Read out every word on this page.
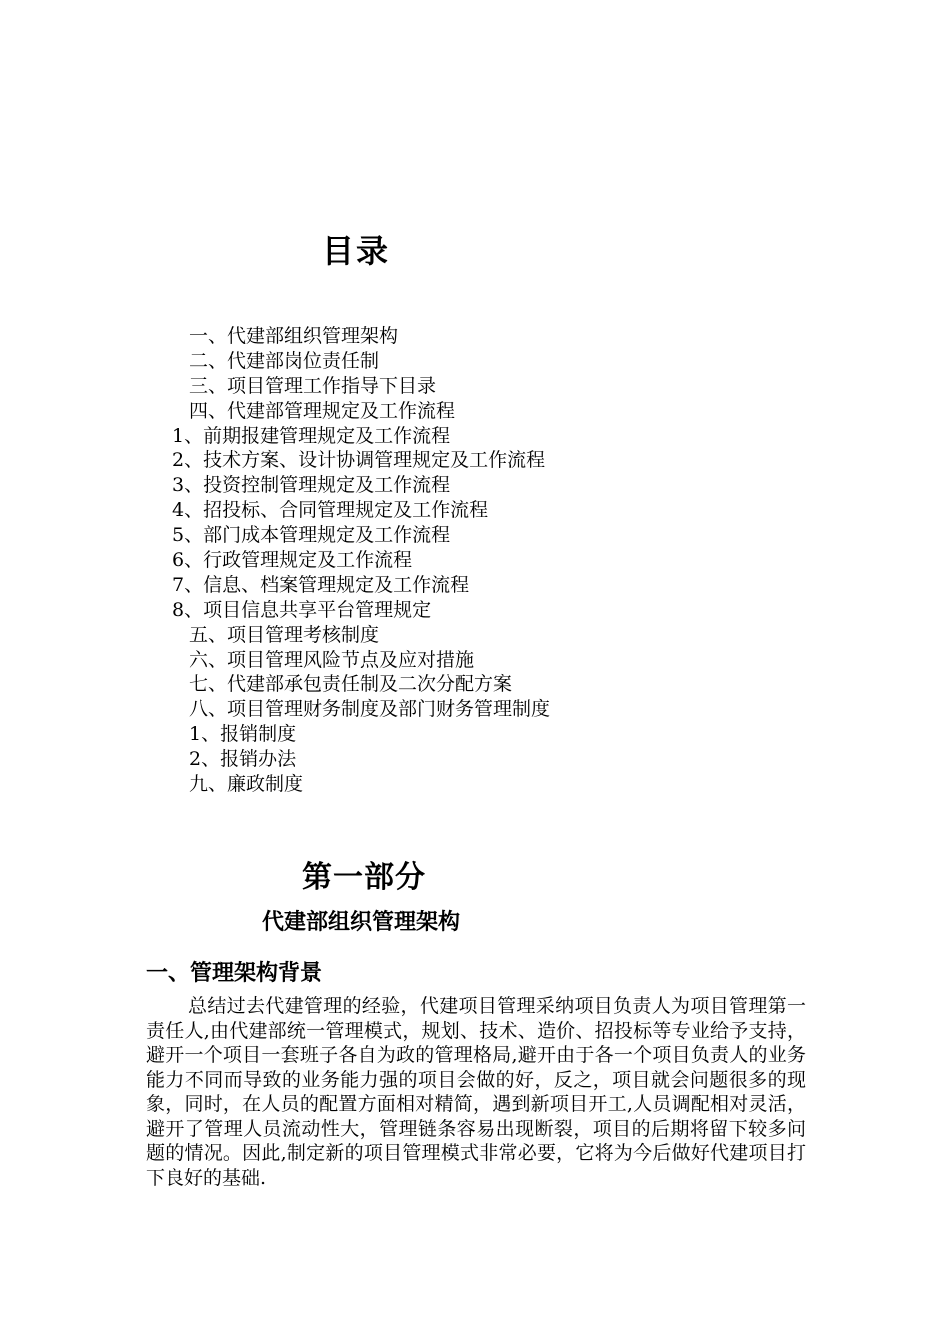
目录
一、代建部组织管理架构
二、代建部岗位责任制
三、项目管理工作指导下目录
四、代建部管理规定及工作流程
1、前期报建管理规定及工作流程
2、技术方案、设计协调管理规定及工作流程
3、投资控制管理规定及工作流程
4、招投标、合同管理规定及工作流程
5、部门成本管理规定及工作流程
6、行政管理规定及工作流程
7、信息、档案管理规定及工作流程
8、项目信息共享平台管理规定
五、项目管理考核制度
六、项目管理风险节点及应对措施
七、代建部承包责任制及二次分配方案
八、项目管理财务制度及部门财务管理制度
1、报销制度
2、报销办法
九、廉政制度
第一部分
代建部组织管理架构
一、管理架构背景

总结过去代建管理的经验，代建项目管理采纳项目负责人为项目管理第一责任人,由代建部统一管理模式，规划、技术、造价、招投标等专业给予支持，避开一个项目一套班子各自为政的管理格局,避开由于各一个项目负责人的业务能力不同而导致的业务能力强的项目会做的好，反之，项目就会问题很多的现象，同时，在人员的配置方面相对精简，遇到新项目开工,人员调配相对灵活，避开了管理人员流动性大，管理链条容易出现断裂，项目的后期将留下较多问题的情况。因此,制定新的项目管理模式非常必要，它将为今后做好代建项目打下良好的基础.
